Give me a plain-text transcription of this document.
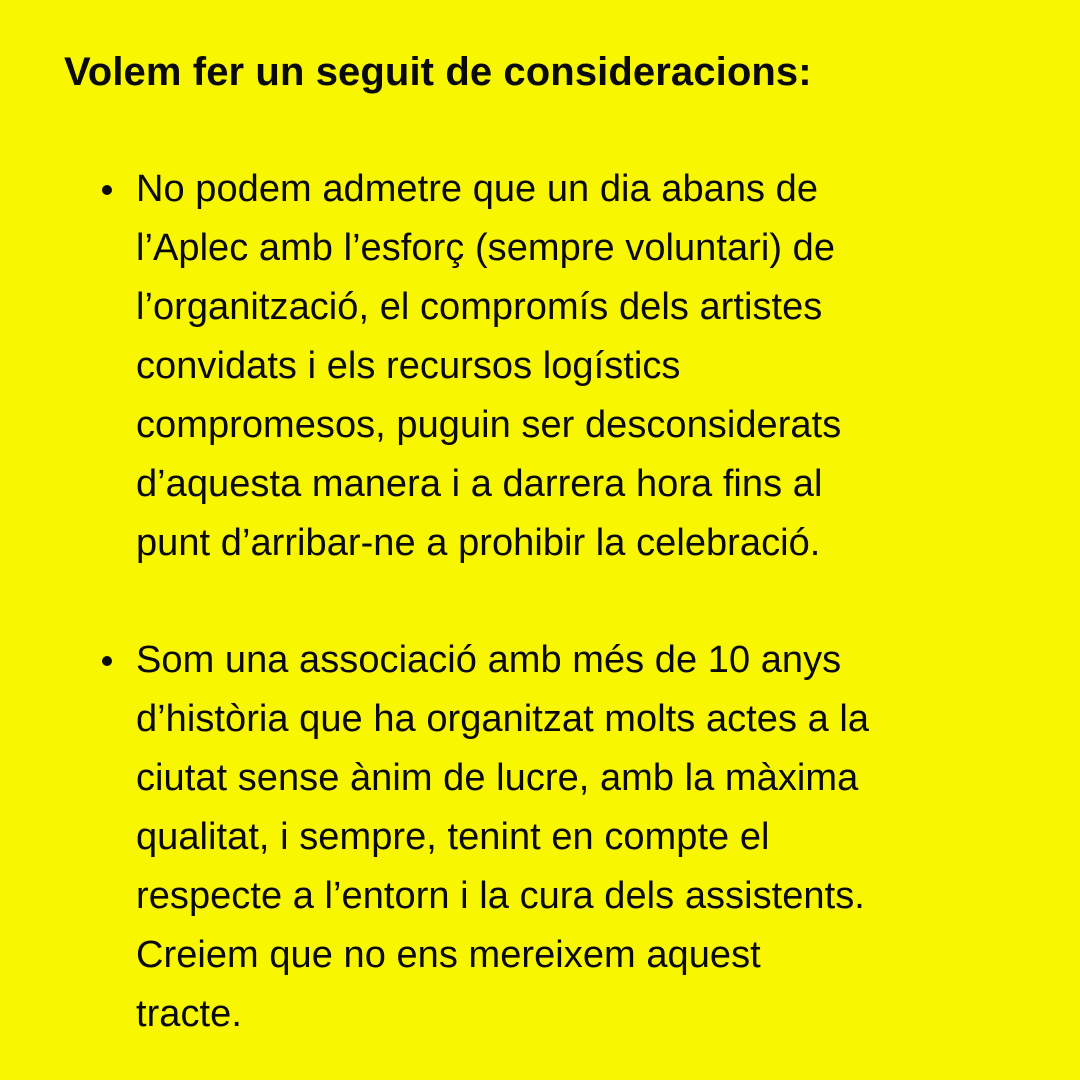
Volem fer un seguit de consideracions:
No podem admetre que un dia abans de
l’Aplec amb l’esforç (sempre voluntari) de
l’organització, el compromís dels artistes
convidats i els recursos logístics
compromesos, puguin ser desconsiderats
d’aquesta manera i a darrera hora fins al
punt d’arribar-ne a prohibir la celebració.
Som una associació amb més de 10 anys
d’història que ha organitzat molts actes a la
ciutat sense ànim de lucre, amb la màxima
qualitat, i sempre, tenint en compte el
respecte a l’entorn i la cura dels assistents.
Creiem que no ens mereixem aquest
tracte.
